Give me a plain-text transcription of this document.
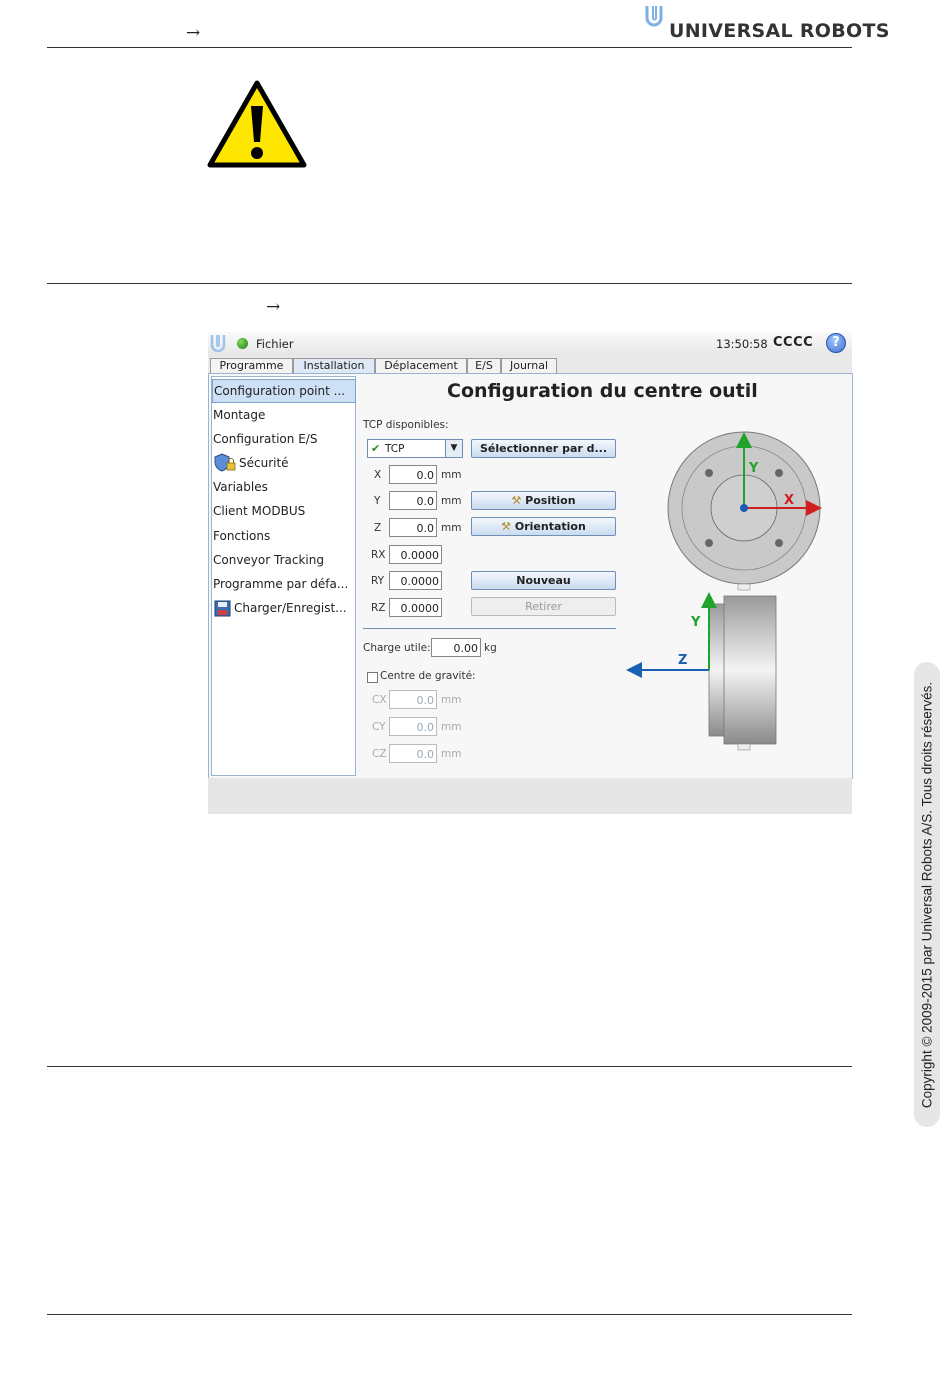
→	UNIVERSAL ROBOTS
→
Fichier	13:50:58 CCCC	?
Programme	Installation	Déplacement	E/S	Journal
Configuration point ...
Montage
Configuration E/S
Sécurité
Variables
Client MODBUS
Fonctions
Conveyor Tracking
Programme par défa...
Charger/Enregist...
Configuration du centre outil
TCP disponibles:
✔ TCP	▼	Sélectionner par d...
X	0.0 mm
Y	0.0 mm
Z	0.0 mm
⚒ Position
⚒ Orientation
RX	0.0000
RY	0.0000
RZ	0.0000
Nouveau
Retirer
Charge utile:	0.00 kg
Centre de gravité:
CX	0.0 mm
CY	0.0 mm
CZ	0.0 mm
Y
X
Y
Z
Copyright © 2009-2015 par Universal Robots A/S. Tous droits réservés.
